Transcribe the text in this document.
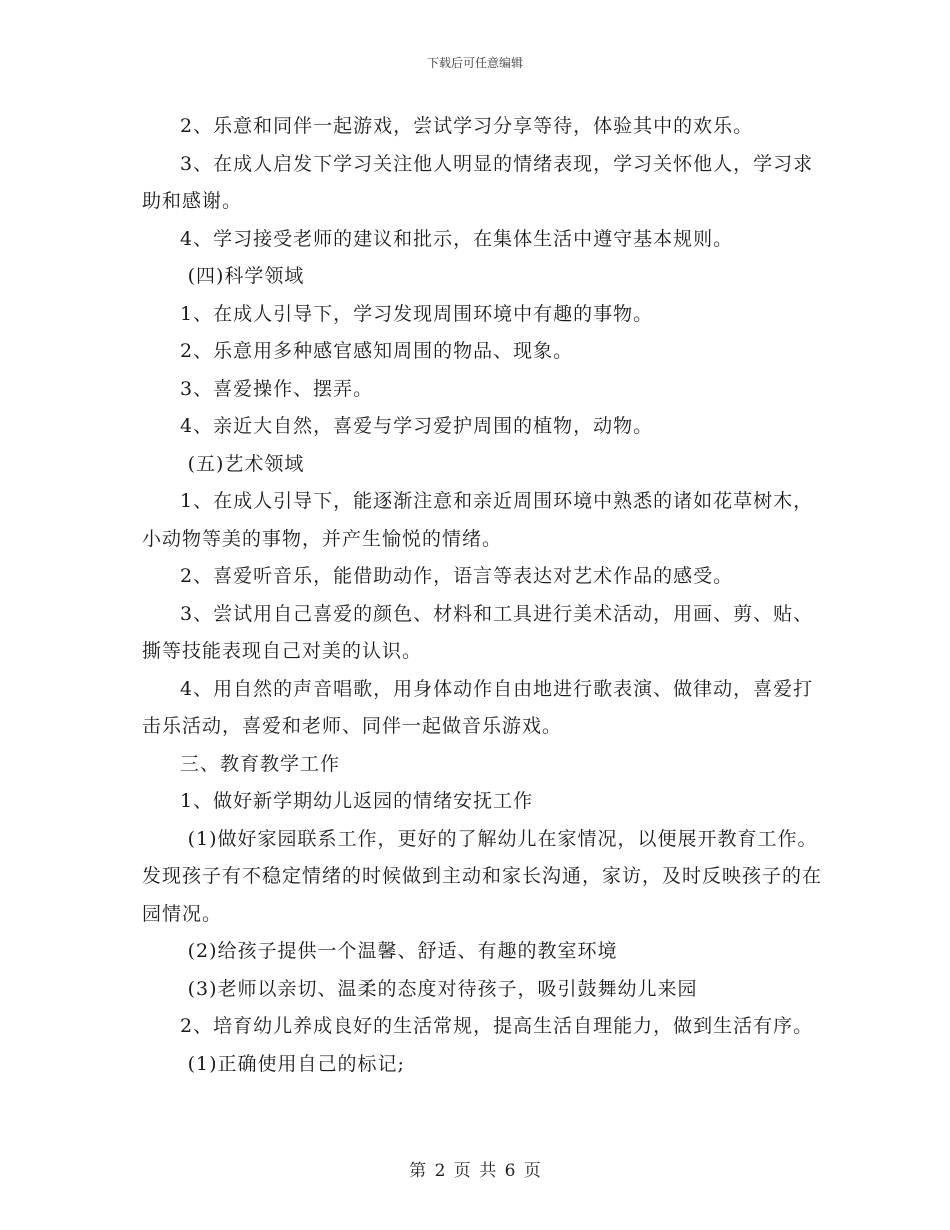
下载后可任意编辑

2、乐意和同伴一起游戏，尝试学习分享等待，体验其中的欢乐。

3、在成人启发下学习关注他人明显的情绪表现，学习关怀他人，学习求助和感谢。

4、学习接受老师的建议和批示，在集体生活中遵守基本规则。

(四)科学领域

1、在成人引导下，学习发现周围环境中有趣的事物。

2、乐意用多种感官感知周围的物品、现象。

3、喜爱操作、摆弄。

4、亲近大自然，喜爱与学习爱护周围的植物，动物。

(五)艺术领域

1、在成人引导下，能逐渐注意和亲近周围环境中熟悉的诸如花草树木，小动物等美的事物，并产生愉悦的情绪。

2、喜爱听音乐，能借助动作，语言等表达对艺术作品的感受。

3、尝试用自己喜爱的颜色、材料和工具进行美术活动，用画、剪、贴、撕等技能表现自己对美的认识。

4、用自然的声音唱歌，用身体动作自由地进行歌表演、做律动，喜爱打击乐活动，喜爱和老师、同伴一起做音乐游戏。

三、教育教学工作

1、做好新学期幼儿返园的情绪安抚工作

(1)做好家园联系工作，更好的了解幼儿在家情况，以便展开教育工作。发现孩子有不稳定情绪的时候做到主动和家长沟通，家访，及时反映孩子的在园情况。

(2)给孩子提供一个温馨、舒适、有趣的教室环境

(3)老师以亲切、温柔的态度对待孩子，吸引鼓舞幼儿来园

2、培育幼儿养成良好的生活常规，提高生活自理能力，做到生活有序。

(1)正确使用自己的标记;

第 2 页 共 6 页
